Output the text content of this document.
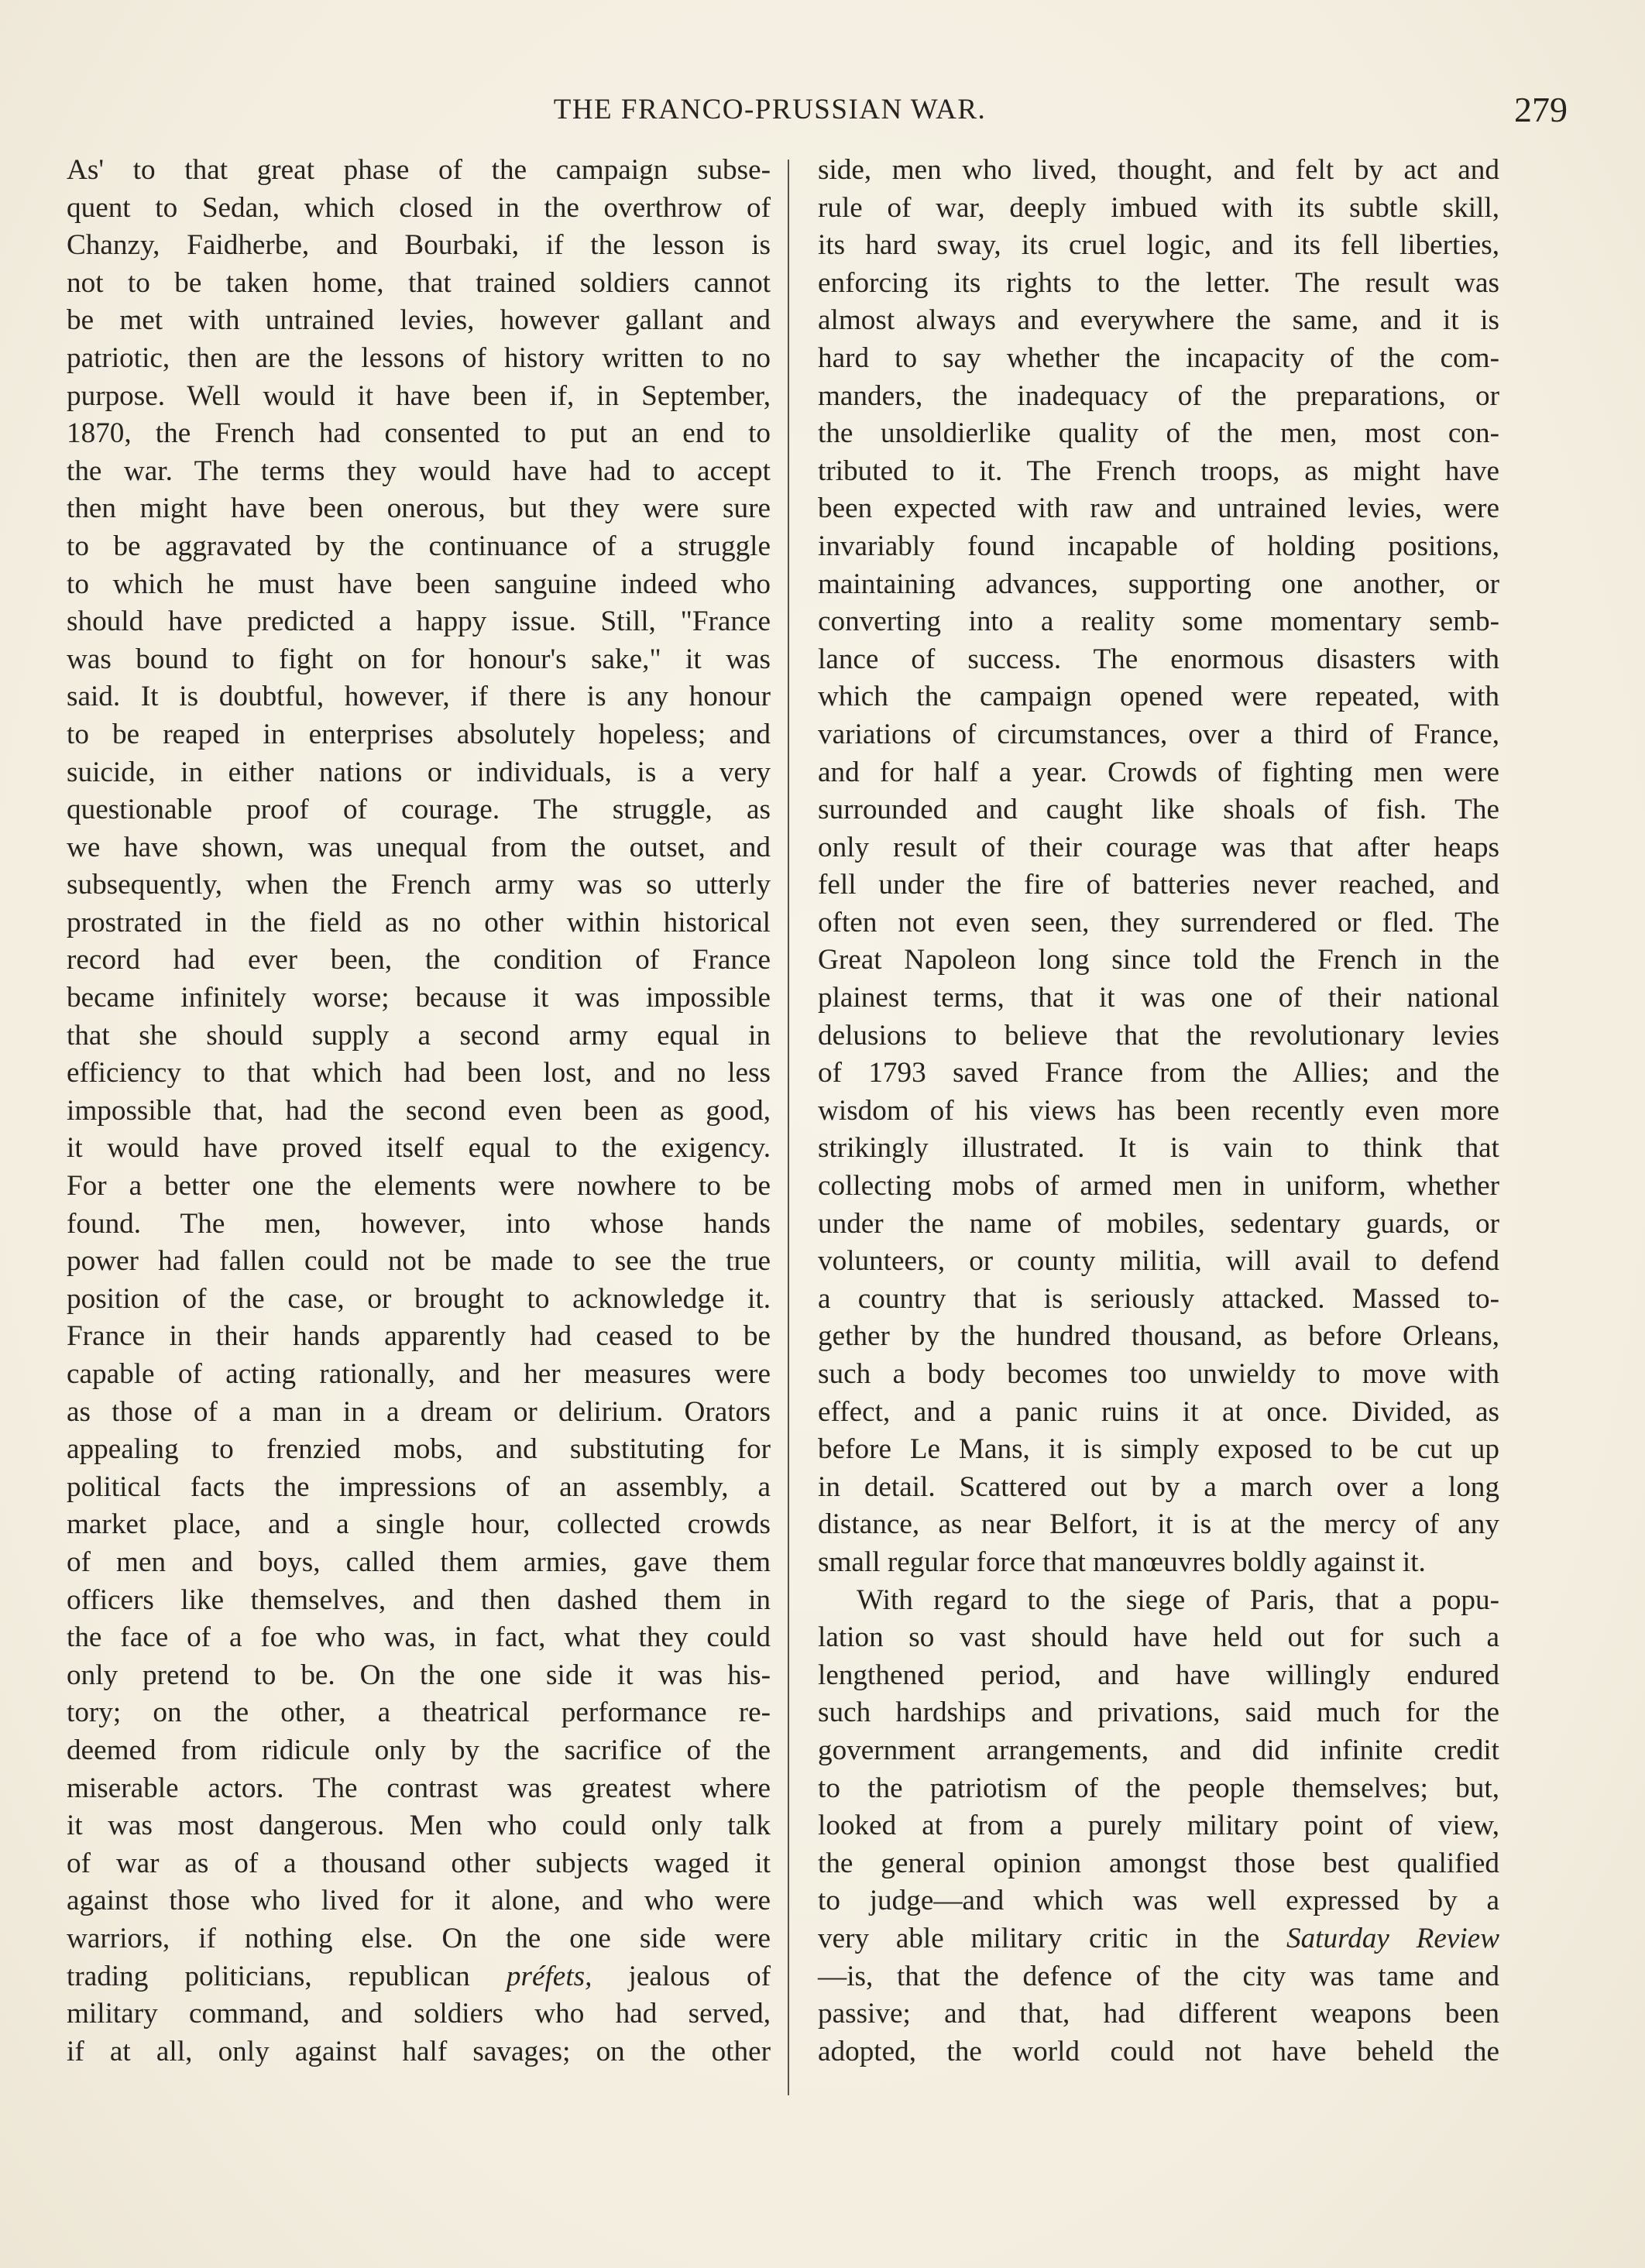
THE FRANCO-PRUSSIAN WAR.	279
As' to that great phase of the campaign subse-
quent to Sedan, which closed in the overthrow of
Chanzy, Faidherbe, and Bourbaki, if the lesson is
not to be taken home, that trained soldiers cannot
be met with untrained levies, however gallant and
patriotic, then are the lessons of history written to no
purpose. Well would it have been if, in September,
1870, the French had consented to put an end to
the war. The terms they would have had to accept
then might have been onerous, but they were sure
to be aggravated by the continuance of a struggle
to which he must have been sanguine indeed who
should have predicted a happy issue. Still, "France
was bound to fight on for honour's sake," it was
said. It is doubtful, however, if there is any honour
to be reaped in enterprises absolutely hopeless; and
suicide, in either nations or individuals, is a very
questionable proof of courage. The struggle, as
we have shown, was unequal from the outset, and
subsequently, when the French army was so utterly
prostrated in the field as no other within historical
record had ever been, the condition of France
became infinitely worse; because it was impossible
that she should supply a second army equal in
efficiency to that which had been lost, and no less
impossible that, had the second even been as good,
it would have proved itself equal to the exigency.
For a better one the elements were nowhere to be
found. The men, however, into whose hands
power had fallen could not be made to see the true
position of the case, or brought to acknowledge it.
France in their hands apparently had ceased to be
capable of acting rationally, and her measures were
as those of a man in a dream or delirium. Orators
appealing to frenzied mobs, and substituting for
political facts the impressions of an assembly, a
market place, and a single hour, collected crowds
of men and boys, called them armies, gave them
officers like themselves, and then dashed them in
the face of a foe who was, in fact, what they could
only pretend to be. On the one side it was his-
tory; on the other, a theatrical performance re-
deemed from ridicule only by the sacrifice of the
miserable actors. The contrast was greatest where
it was most dangerous. Men who could only talk
of war as of a thousand other subjects waged it
against those who lived for it alone, and who were
warriors, if nothing else. On the one side were
trading politicians, republican préfets, jealous of
military command, and soldiers who had served,
if at all, only against half savages; on the other
side, men who lived, thought, and felt by act and
rule of war, deeply imbued with its subtle skill,
its hard sway, its cruel logic, and its fell liberties,
enforcing its rights to the letter. The result was
almost always and everywhere the same, and it is
hard to say whether the incapacity of the com-
manders, the inadequacy of the preparations, or
the unsoldierlike quality of the men, most con-
tributed to it. The French troops, as might have
been expected with raw and untrained levies, were
invariably found incapable of holding positions,
maintaining advances, supporting one another, or
converting into a reality some momentary semb-
lance of success. The enormous disasters with
which the campaign opened were repeated, with
variations of circumstances, over a third of France,
and for half a year. Crowds of fighting men were
surrounded and caught like shoals of fish. The
only result of their courage was that after heaps
fell under the fire of batteries never reached, and
often not even seen, they surrendered or fled. The
Great Napoleon long since told the French in the
plainest terms, that it was one of their national
delusions to believe that the revolutionary levies
of 1793 saved France from the Allies; and the
wisdom of his views has been recently even more
strikingly illustrated. It is vain to think that
collecting mobs of armed men in uniform, whether
under the name of mobiles, sedentary guards, or
volunteers, or county militia, will avail to defend
a country that is seriously attacked. Massed to-
gether by the hundred thousand, as before Orleans,
such a body becomes too unwieldy to move with
effect, and a panic ruins it at once. Divided, as
before Le Mans, it is simply exposed to be cut up
in detail. Scattered out by a march over a long
distance, as near Belfort, it is at the mercy of any
small regular force that manœuvres boldly against it.
With regard to the siege of Paris, that a popu-
lation so vast should have held out for such a
lengthened period, and have willingly endured
such hardships and privations, said much for the
government arrangements, and did infinite credit
to the patriotism of the people themselves; but,
looked at from a purely military point of view,
the general opinion amongst those best qualified
to judge—and which was well expressed by a
very able military critic in the Saturday Review
—is, that the defence of the city was tame and
passive; and that, had different weapons been
adopted, the world could not have beheld the
